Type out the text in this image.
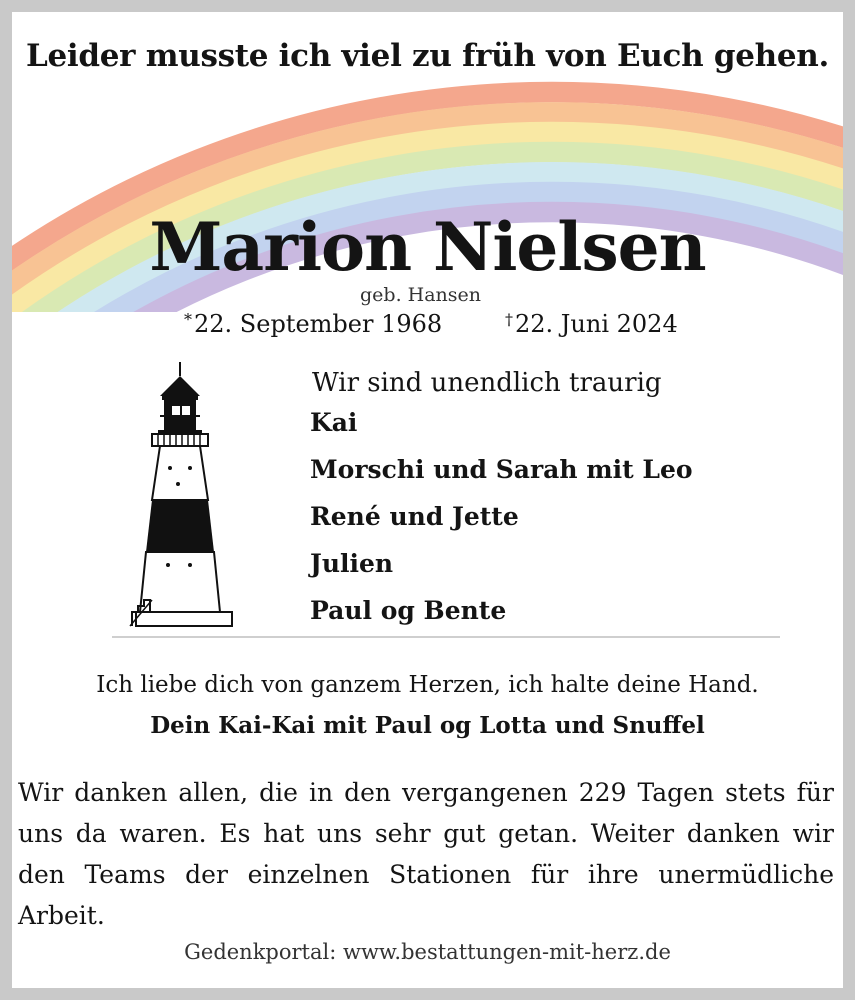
Leider musste ich viel zu früh von Euch gehen.
Marion Nielsen
geb. Hansen
*22. September 1968	†22. Juni 2024
Wir sind unendlich traurig
Kai
Morschi und Sarah mit Leo
René und Jette
Julien
Paul og Bente
Ich liebe dich von ganzem Herzen, ich halte deine Hand.
Dein Kai-Kai mit Paul og Lotta und Snuffel

Wir danken allen, die in den vergangenen 229 Tagen stets für uns da waren. Es hat uns sehr gut getan. Weiter danken wir den Teams der einzelnen Stationen für ihre unermüdliche Arbeit.

Gedenkportal: www.bestattungen-mit-herz.de
